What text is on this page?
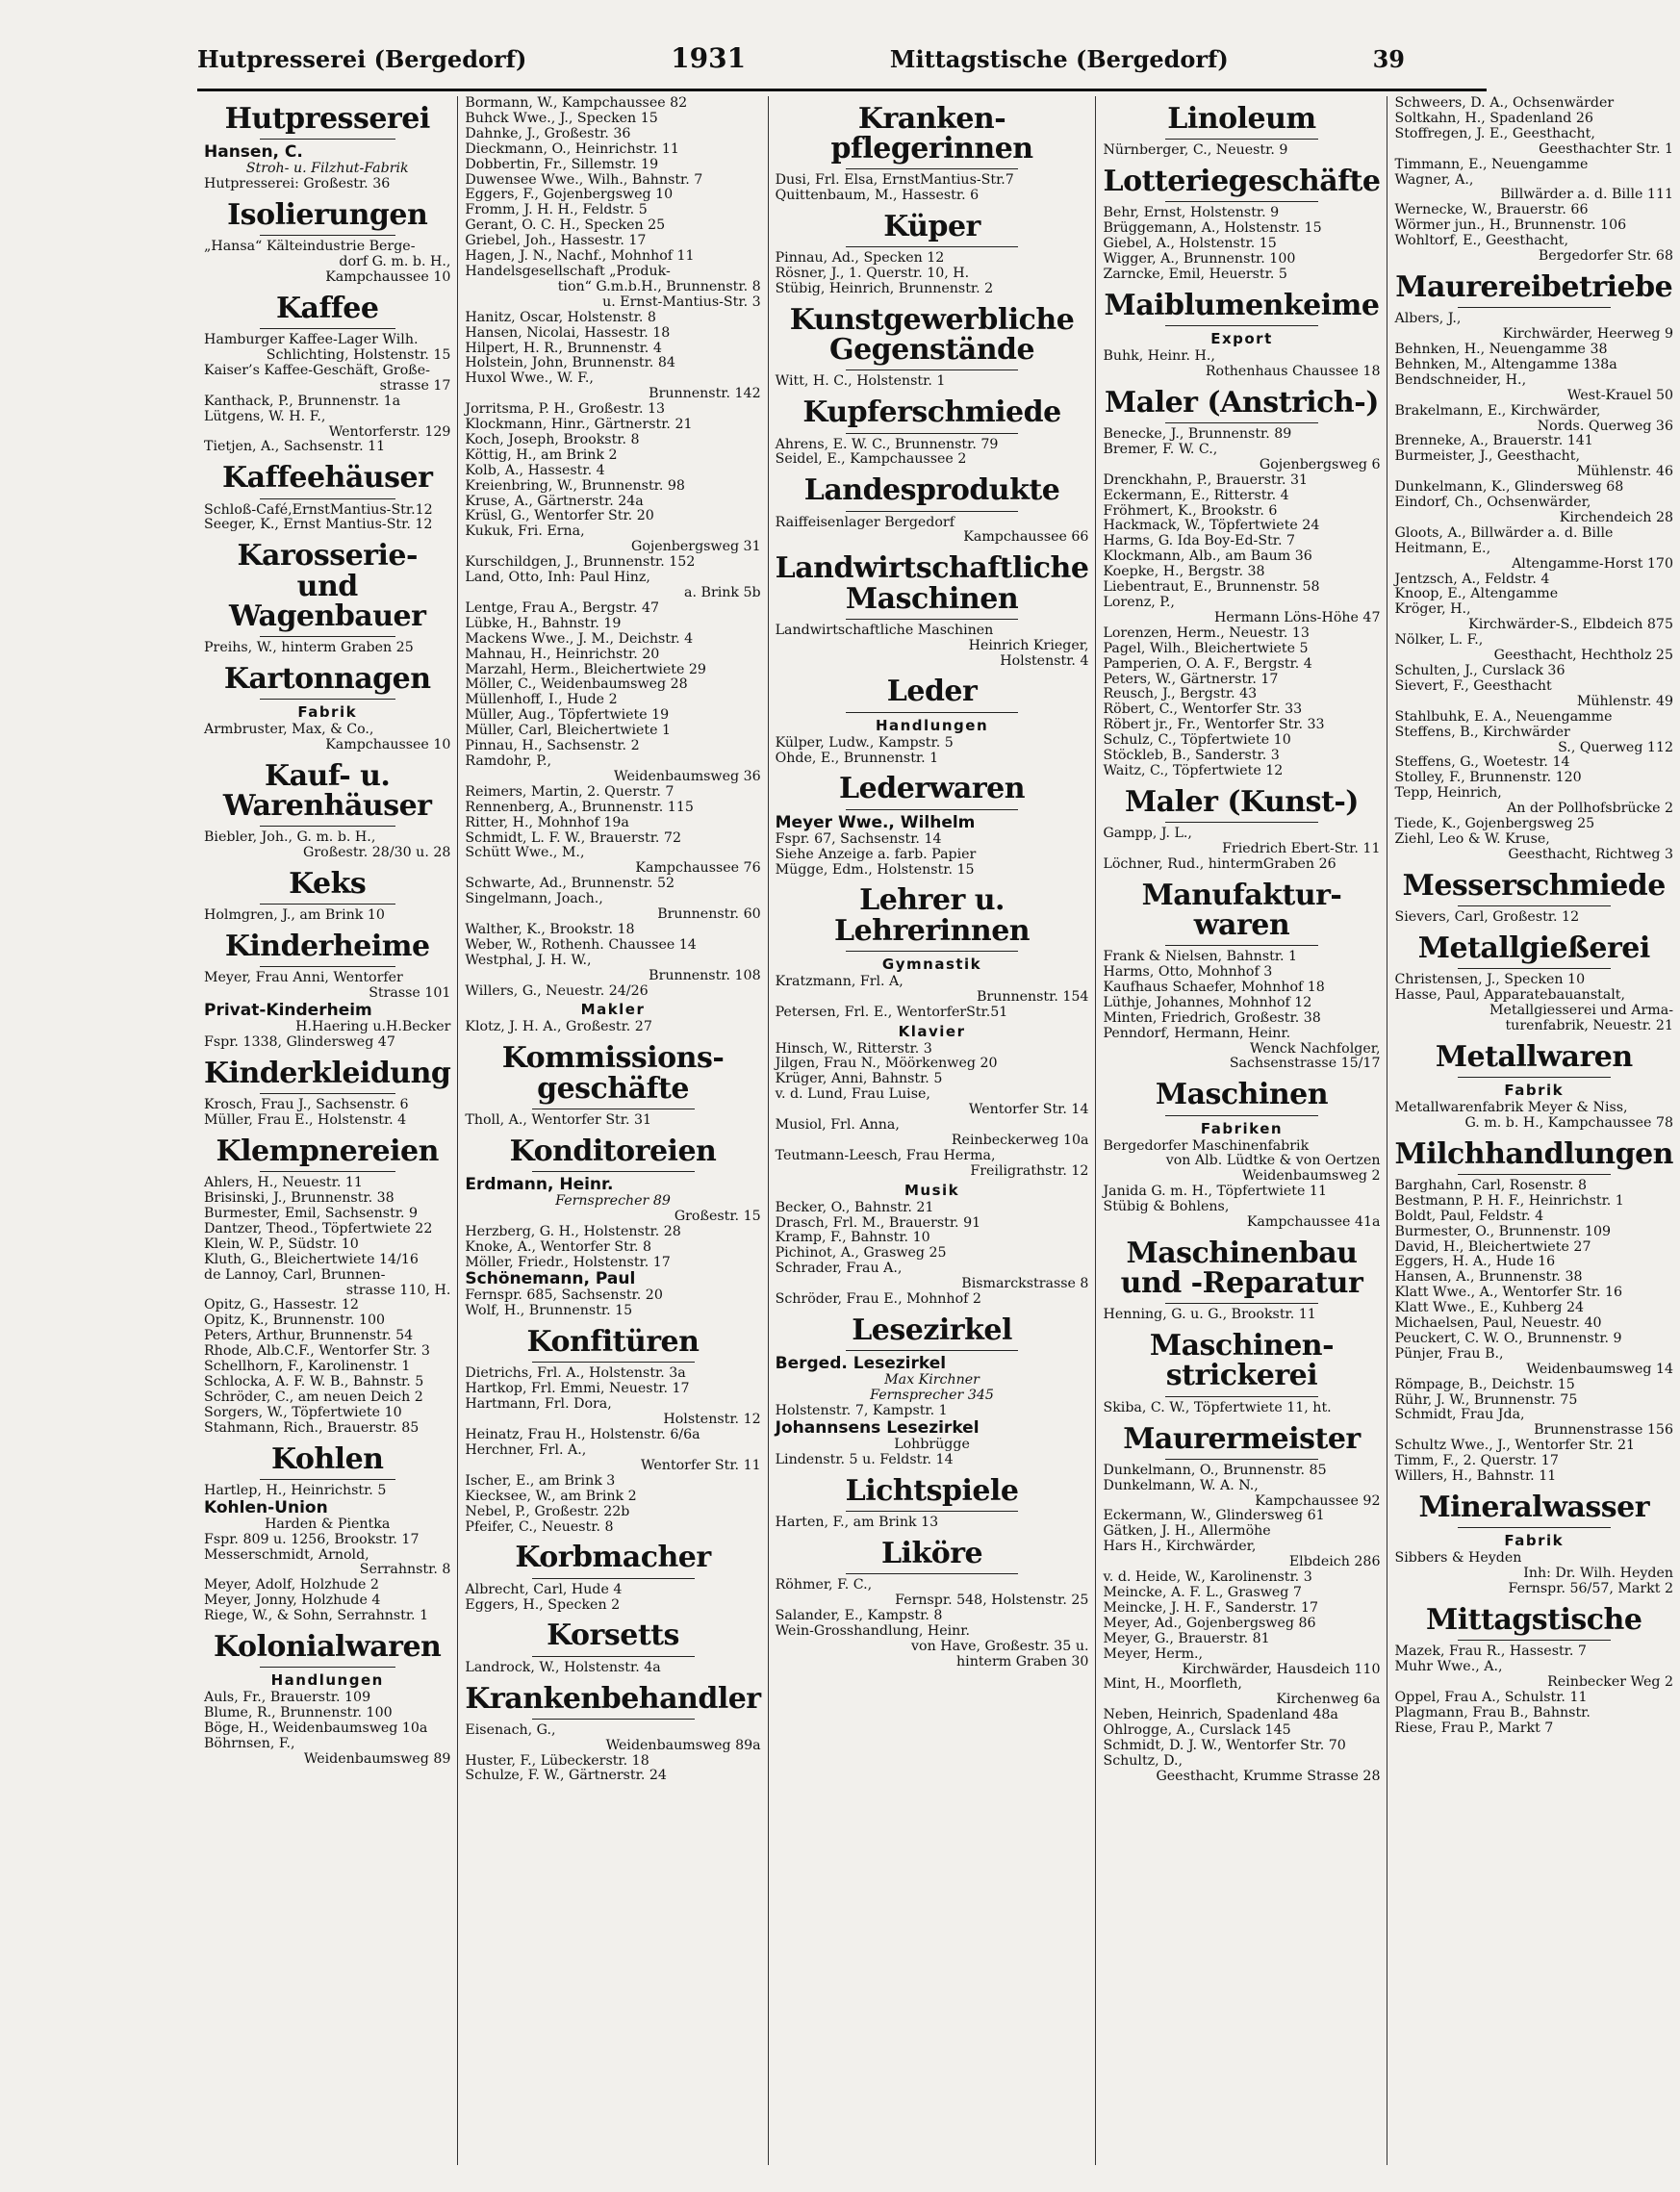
Hutpresserei (Bergedorf)	1931	Mittagstische (Bergedorf)	39
Hutpresserei
Hansen, C.
Stroh- u. Filzhut-Fabrik
Hutpresserei: Großestr. 36
Isolierungen
„Hansa“ Kälteindustrie Berge-
dorf G. m. b. H.,
Kampchaussee 10
Kaffee
Hamburger Kaffee-Lager Wilh.
Schlichting, Holstenstr. 15
Kaiser’s Kaffee-Geschäft, Große-
strasse 17
Kanthack, P., Brunnenstr. 1a
Lütgens, W. H. F.,
Wentorferstr. 129
Tietjen, A., Sachsenstr. 11
Kaffeehäuser
Schloß-Café,ErnstMantius-Str.12
Seeger, K., Ernst Mantius-Str. 12
Karosserie-
und Wagenbauer
Preihs, W., hinterm Graben 25
Kartonnagen
Fabrik
Armbruster, Max, & Co.,
Kampchaussee 10
Kauf- u.
Warenhäuser
Biebler, Joh., G. m. b. H.,
Großestr. 28/30 u. 28
Keks
Holmgren, J., am Brink 10
Kinderheime
Meyer, Frau Anni, Wentorfer
Strasse 101
Privat-Kinderheim
H.Haering u.H.Becker
Fspr. 1338, Glindersweg 47
Kinderkleidung
Krosch, Frau J., Sachsenstr. 6
Müller, Frau E., Holstenstr. 4
Klempnereien
Ahlers, H., Neuestr. 11
Brisinski, J., Brunnenstr. 38
Burmester, Emil, Sachsenstr. 9
Dantzer, Theod., Töpfertwiete 22
Klein, W. P., Südstr. 10
Kluth, G., Bleichertwiete 14/16
de Lannoy, Carl, Brunnen-
strasse 110, H.
Opitz, G., Hassestr. 12
Opitz, K., Brunnenstr. 100
Peters, Arthur, Brunnenstr. 54
Rhode, Alb.C.F., Wentorfer Str. 3
Schellhorn, F., Karolinenstr. 1
Schlocka, A. F. W. B., Bahnstr. 5
Schröder, C., am neuen Deich 2
Sorgers, W., Töpfertwiete 10
Stahmann, Rich., Brauerstr. 85
Kohlen
Hartlep, H., Heinrichstr. 5
Kohlen-Union
Harden & Pientka
Fspr. 809 u. 1256, Brookstr. 17
Messerschmidt, Arnold,
Serrahnstr. 8
Meyer, Adolf, Holzhude 2
Meyer, Jonny, Holzhude 4
Riege, W., & Sohn, Serrahnstr. 1
Kolonialwaren
Handlungen
Auls, Fr., Brauerstr. 109
Blume, R., Brunnenstr. 100
Böge, H., Weidenbaumsweg 10a
Böhrnsen, F.,
Weidenbaumsweg 89
Bormann, W., Kampchaussee 82
Buhck Wwe., J., Specken 15
Dahnke, J., Großestr. 36
Dieckmann, O., Heinrichstr. 11
Dobbertin, Fr., Sillemstr. 19
Duwensee Wwe., Wilh., Bahnstr. 7
Eggers, F., Gojenbergsweg 10
Fromm, J. H. H., Feldstr. 5
Gerant, O. C. H., Specken 25
Griebel, Joh., Hassestr. 17
Hagen, J. N., Nachf., Mohnhof 11
Handelsgesellschaft „Produk-
tion“ G.m.b.H., Brunnenstr. 8
u. Ernst-Mantius-Str. 3
Hanitz, Oscar, Holstenstr. 8
Hansen, Nicolai, Hassestr. 18
Hilpert, H. R., Brunnenstr. 4
Holstein, John, Brunnenstr. 84
Huxol Wwe., W. F.,
Brunnenstr. 142
Jorritsma, P. H., Großestr. 13
Klockmann, Hinr., Gärtnerstr. 21
Koch, Joseph, Brookstr. 8
Köttig, H., am Brink 2
Kolb, A., Hassestr. 4
Kreienbring, W., Brunnenstr. 98
Kruse, A., Gärtnerstr. 24a
Krüsl, G., Wentorfer Str. 20
Kukuk, Fri. Erna,
Gojenbergsweg 31
Kurschildgen, J., Brunnenstr. 152
Land, Otto, Inh: Paul Hinz,
a. Brink 5b
Lentge, Frau A., Bergstr. 47
Lübke, H., Bahnstr. 19
Mackens Wwe., J. M., Deichstr. 4
Mahnau, H., Heinrichstr. 20
Marzahl, Herm., Bleichertwiete 29
Möller, C., Weidenbaumsweg 28
Müllenhoff, I., Hude 2
Müller, Aug., Töpfertwiete 19
Müller, Carl, Bleichertwiete 1
Pinnau, H., Sachsenstr. 2
Ramdohr, P.,
Weidenbaumsweg 36
Reimers, Martin, 2. Querstr. 7
Rennenberg, A., Brunnenstr. 115
Ritter, H., Mohnhof 19a
Schmidt, L. F. W., Brauerstr. 72
Schütt Wwe., M.,
Kampchaussee 76
Schwarte, Ad., Brunnenstr. 52
Singelmann, Joach.,
Brunnenstr. 60
Walther, K., Brookstr. 18
Weber, W., Rothenh. Chaussee 14
Westphal, J. H. W.,
Brunnenstr. 108
Willers, G., Neuestr. 24/26
Makler
Klotz, J. H. A., Großestr. 27
Kommissions-
geschäfte
Tholl, A., Wentorfer Str. 31
Konditoreien
Erdmann, Heinr.
Fernsprecher 89
Großestr. 15
Herzberg, G. H., Holstenstr. 28
Knoke, A., Wentorfer Str. 8
Möller, Friedr., Holstenstr. 17
Schönemann, Paul
Fernspr. 685, Sachsenstr. 20
Wolf, H., Brunnenstr. 15
Konfitüren
Dietrichs, Frl. A., Holstenstr. 3a
Hartkop, Frl. Emmi, Neuestr. 17
Hartmann, Frl. Dora,
Holstenstr. 12
Heinatz, Frau H., Holstenstr. 6/6a
Herchner, Frl. A.,
Wentorfer Str. 11
Ischer, E., am Brink 3
Kiecksee, W., am Brink 2
Nebel, P., Großestr. 22b
Pfeifer, C., Neuestr. 8
Korbmacher
Albrecht, Carl, Hude 4
Eggers, H., Specken 2
Korsetts
Landrock, W., Holstenstr. 4a
Krankenbehandler
Eisenach, G.,
Weidenbaumsweg 89a
Huster, F., Lübeckerstr. 18
Schulze, F. W., Gärtnerstr. 24
Kranken-
pflegerinnen
Dusi, Frl. Elsa, ErnstMantius-Str.7
Quittenbaum, M., Hassestr. 6
Küper
Pinnau, Ad., Specken 12
Rösner, J., 1. Querstr. 10, H.
Stübig, Heinrich, Brunnenstr. 2
Kunstgewerbliche
Gegenstände
Witt, H. C., Holstenstr. 1
Kupferschmiede
Ahrens, E. W. C., Brunnenstr. 79
Seidel, E., Kampchaussee 2
Landesprodukte
Raiffeisenlager Bergedorf
Kampchaussee 66
Landwirtschaftliche
Maschinen
Landwirtschaftliche Maschinen
Heinrich Krieger,
Holstenstr. 4
Leder
Handlungen
Külper, Ludw., Kampstr. 5
Ohde, E., Brunnenstr. 1
Lederwaren
Meyer Wwe., Wilhelm
Fspr. 67, Sachsenstr. 14
Siehe Anzeige a. farb. Papier
Mügge, Edm., Holstenstr. 15
Lehrer u.
Lehrerinnen
Gymnastik
Kratzmann, Frl. A,
Brunnenstr. 154
Petersen, Frl. E., WentorferStr.51
Klavier
Hinsch, W., Ritterstr. 3
Jilgen, Frau N., Möörkenweg 20
Krüger, Anni, Bahnstr. 5
v. d. Lund, Frau Luise,
Wentorfer Str. 14
Musiol, Frl. Anna,
Reinbeckerweg 10a
Teutmann-Leesch, Frau Herma,
Freiligrathstr. 12
Musik
Becker, O., Bahnstr. 21
Drasch, Frl. M., Brauerstr. 91
Kramp, F., Bahnstr. 10
Pichinot, A., Grasweg 25
Schrader, Frau A.,
Bismarckstrasse 8
Schröder, Frau E., Mohnhof 2
Lesezirkel
Berged. Lesezirkel
Max Kirchner
Fernsprecher 345
Holstenstr. 7, Kampstr. 1
Johannsens Lesezirkel
Lohbrügge
Lindenstr. 5 u. Feldstr. 14
Lichtspiele
Harten, F., am Brink 13
Liköre
Röhmer, F. C.,
Fernspr. 548, Holstenstr. 25
Salander, E., Kampstr. 8
Wein-Grosshandlung, Heinr.
von Have, Großestr. 35 u.
hinterm Graben 30
Linoleum
Nürnberger, C., Neuestr. 9
Lotteriegeschäfte
Behr, Ernst, Holstenstr. 9
Brüggemann, A., Holstenstr. 15
Giebel, A., Holstenstr. 15
Wigger, A., Brunnenstr. 100
Zarncke, Emil, Heuerstr. 5
Maiblumenkeime
Export
Buhk, Heinr. H.,
Rothenhaus Chaussee 18
Maler (Anstrich-)
Benecke, J., Brunnenstr. 89
Bremer, F. W. C.,
Gojenbergsweg 6
Drenckhahn, P., Brauerstr. 31
Eckermann, E., Ritterstr. 4
Fröhmert, K., Brookstr. 6
Hackmack, W., Töpfertwiete 24
Harms, G. Ida Boy-Ed-Str. 7
Klockmann, Alb., am Baum 36
Koepke, H., Bergstr. 38
Liebentraut, E., Brunnenstr. 58
Lorenz, P.,
Hermann Löns-Höhe 47
Lorenzen, Herm., Neuestr. 13
Pagel, Wilh., Bleichertwiete 5
Pamperien, O. A. F., Bergstr. 4
Peters, W., Gärtnerstr. 17
Reusch, J., Bergstr. 43
Röbert, C., Wentorfer Str. 33
Röbert jr., Fr., Wentorfer Str. 33
Schulz, C., Töpfertwiete 10
Stöckleb, B., Sanderstr. 3
Waitz, C., Töpfertwiete 12
Maler (Kunst-)
Gampp, J. L.,
Friedrich Ebert-Str. 11
Löchner, Rud., hintermGraben 26
Manufaktur-
waren
Frank & Nielsen, Bahnstr. 1
Harms, Otto, Mohnhof 3
Kaufhaus Schaefer, Mohnhof 18
Lüthje, Johannes, Mohnhof 12
Minten, Friedrich, Großestr. 38
Penndorf, Hermann, Heinr.
Wenck Nachfolger,
Sachsenstrasse 15/17
Maschinen
Fabriken
Bergedorfer Maschinenfabrik
von Alb. Lüdtke & von Oertzen
Weidenbaumsweg 2
Janida G. m. H., Töpfertwiete 11
Stübig & Bohlens,
Kampchaussee 41a
Maschinenbau
und -Reparatur
Henning, G. u. G., Brookstr. 11
Maschinen-
strickerei
Skiba, C. W., Töpfertwiete 11, ht.
Maurermeister
Dunkelmann, O., Brunnenstr. 85
Dunkelmann, W. A. N.,
Kampchaussee 92
Eckermann, W., Glindersweg 61
Gätken, J. H., Allermöhe
Hars H., Kirchwärder,
Elbdeich 286
v. d. Heide, W., Karolinenstr. 3
Meincke, A. F. L., Grasweg 7
Meincke, J. H. F., Sanderstr. 17
Meyer, Ad., Gojenbergsweg 86
Meyer, G., Brauerstr. 81
Meyer, Herm.,
Kirchwärder, Hausdeich 110
Mint, H., Moorfleth,
Kirchenweg 6a
Neben, Heinrich, Spadenland 48a
Ohlrogge, A., Curslack 145
Schmidt, D. J. W., Wentorfer Str. 70
Schultz, D.,
Geesthacht, Krumme Strasse 28
Schweers, D. A., Ochsenwärder
Soltkahn, H., Spadenland 26
Stoffregen, J. E., Geesthacht,
Geesthachter Str. 1
Timmann, E., Neuengamme
Wagner, A.,
Billwärder a. d. Bille 111
Wernecke, W., Brauerstr. 66
Wörmer jun., H., Brunnenstr. 106
Wohltorf, E., Geesthacht,
Bergedorfer Str. 68
Maurereibetriebe
Albers, J.,
Kirchwärder, Heerweg 9
Behnken, H., Neuengamme 38
Behnken, M., Altengamme 138a
Bendschneider, H.,
West-Krauel 50
Brakelmann, E., Kirchwärder,
Nords. Querweg 36
Brenneke, A., Brauerstr. 141
Burmeister, J., Geesthacht,
Mühlenstr. 46
Dunkelmann, K., Glindersweg 68
Eindorf, Ch., Ochsenwärder,
Kirchendeich 28
Gloots, A., Billwärder a. d. Bille
Heitmann, E.,
Altengamme-Horst 170
Jentzsch, A., Feldstr. 4
Knoop, E., Altengamme
Kröger, H.,
Kirchwärder-S., Elbdeich 875
Nölker, L. F.,
Geesthacht, Hechtholz 25
Schulten, J., Curslack 36
Sievert, F., Geesthacht
Mühlenstr. 49
Stahlbuhk, E. A., Neuengamme
Steffens, B., Kirchwärder
S., Querweg 112
Steffens, G., Woetestr. 14
Stolley, F., Brunnenstr. 120
Tepp, Heinrich,
An der Pollhofsbrücke 2
Tiede, K., Gojenbergsweg 25
Ziehl, Leo & W. Kruse,
Geesthacht, Richtweg 3
Messerschmiede
Sievers, Carl, Großestr. 12
Metallgießerei
Christensen, J., Specken 10
Hasse, Paul, Apparatebauanstalt,
Metallgiesserei und Arma-
turenfabrik, Neuestr. 21
Metallwaren
Fabrik
Metallwarenfabrik Meyer & Niss,
G. m. b. H., Kampchaussee 78
Milchhandlungen
Barghahn, Carl, Rosenstr. 8
Bestmann, P. H. F., Heinrichstr. 1
Boldt, Paul, Feldstr. 4
Burmester, O., Brunnenstr. 109
David, H., Bleichertwiete 27
Eggers, H. A., Hude 16
Hansen, A., Brunnenstr. 38
Klatt Wwe., A., Wentorfer Str. 16
Klatt Wwe., E., Kuhberg 24
Michaelsen, Paul, Neuestr. 40
Peuckert, C. W. O., Brunnenstr. 9
Pünjer, Frau B.,
Weidenbaumsweg 14
Römpage, B., Deichstr. 15
Rühr, J. W., Brunnenstr. 75
Schmidt, Frau Jda,
Brunnenstrasse 156
Schultz Wwe., J., Wentorfer Str. 21
Timm, F., 2. Querstr. 17
Willers, H., Bahnstr. 11
Mineralwasser
Fabrik
Sibbers & Heyden
Inh: Dr. Wilh. Heyden
Fernspr. 56/57, Markt 2
Mittagstische
Mazek, Frau R., Hassestr. 7
Muhr Wwe., A.,
Reinbecker Weg 2
Oppel, Frau A., Schulstr. 11
Plagmann, Frau B., Bahnstr.
Riese, Frau P., Markt 7
